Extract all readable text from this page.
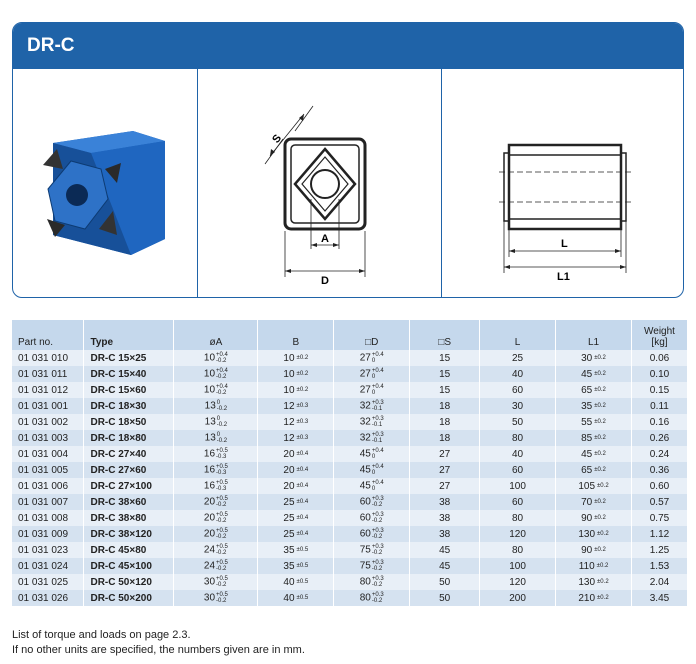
DR-C
S
A
D
L
L1
Part no.	Type	øA	B	□D	□S	L	L1	Weight
[kg]
01 031 010	DR-C 15×25	10 +0.4
-0.2	10 ±0.2	27 +0.4
0	15	25	30 ±0.2	0.06
01 031 011	DR-C 15×40	10 +0.4
-0.2	10 ±0.2	27 +0.4
0	15	40	45 ±0.2	0.10
01 031 012	DR-C 15×60	10 +0.4
-0.2	10 ±0.2	27 +0.4
0	15	60	65 ±0.2	0.15
01 031 001	DR-C 18×30	13 0
-0.2	12 ±0.3	32 +0.3
-0.1	18	30	35 ±0.2	0.11
01 031 002	DR-C 18×50	13 0
-0.2	12 ±0.3	32 +0.3
-0.1	18	50	55 ±0.2	0.16
01 031 003	DR-C 18×80	13 0
-0.2	12 ±0.3	32 +0.3
-0.1	18	80	85 ±0.2	0.26
01 031 004	DR-C 27×40	16 +0.5
-0.3	20 ±0.4	45 +0.4
0	27	40	45 ±0.2	0.24
01 031 005	DR-C 27×60	16 +0.5
-0.3	20 ±0.4	45 +0.4
0	27	60	65 ±0.2	0.36
01 031 006	DR-C 27×100	16 +0.5
-0.3	20 ±0.4	45 +0.4
0	27	100	105 ±0.2	0.60
01 031 007	DR-C 38×60	20 +0.5
-0.2	25 ±0.4	60 +0.3
-0.2	38	60	70 ±0.2	0.57
01 031 008	DR-C 38×80	20 +0.5
-0.2	25 ±0.4	60 +0.3
-0.2	38	80	90 ±0.2	0.75
01 031 009	DR-C 38×120	20 +0.5
-0.2	25 ±0.4	60 +0.3
-0.2	38	120	130 ±0.2	1.12
01 031 023	DR-C 45×80	24 +0.5
-0.2	35 ±0.5	75 +0.3
-0.2	45	80	90 ±0.2	1.25
01 031 024	DR-C 45×100	24 +0.5
-0.2	35 ±0.5	75 +0.3
-0.2	45	100	110 ±0.2	1.53
01 031 025	DR-C 50×120	30 +0.5
-0.2	40 ±0.5	80 +0.3
-0.2	50	120	130 ±0.2	2.04
01 031 026	DR-C 50×200	30 +0.5
-0.2	40 ±0.5	80 +0.3
-0.2	50	200	210 ±0.2	3.45
List of torque and loads on page 2.3.
If no other units are specified, the numbers given are in mm.
